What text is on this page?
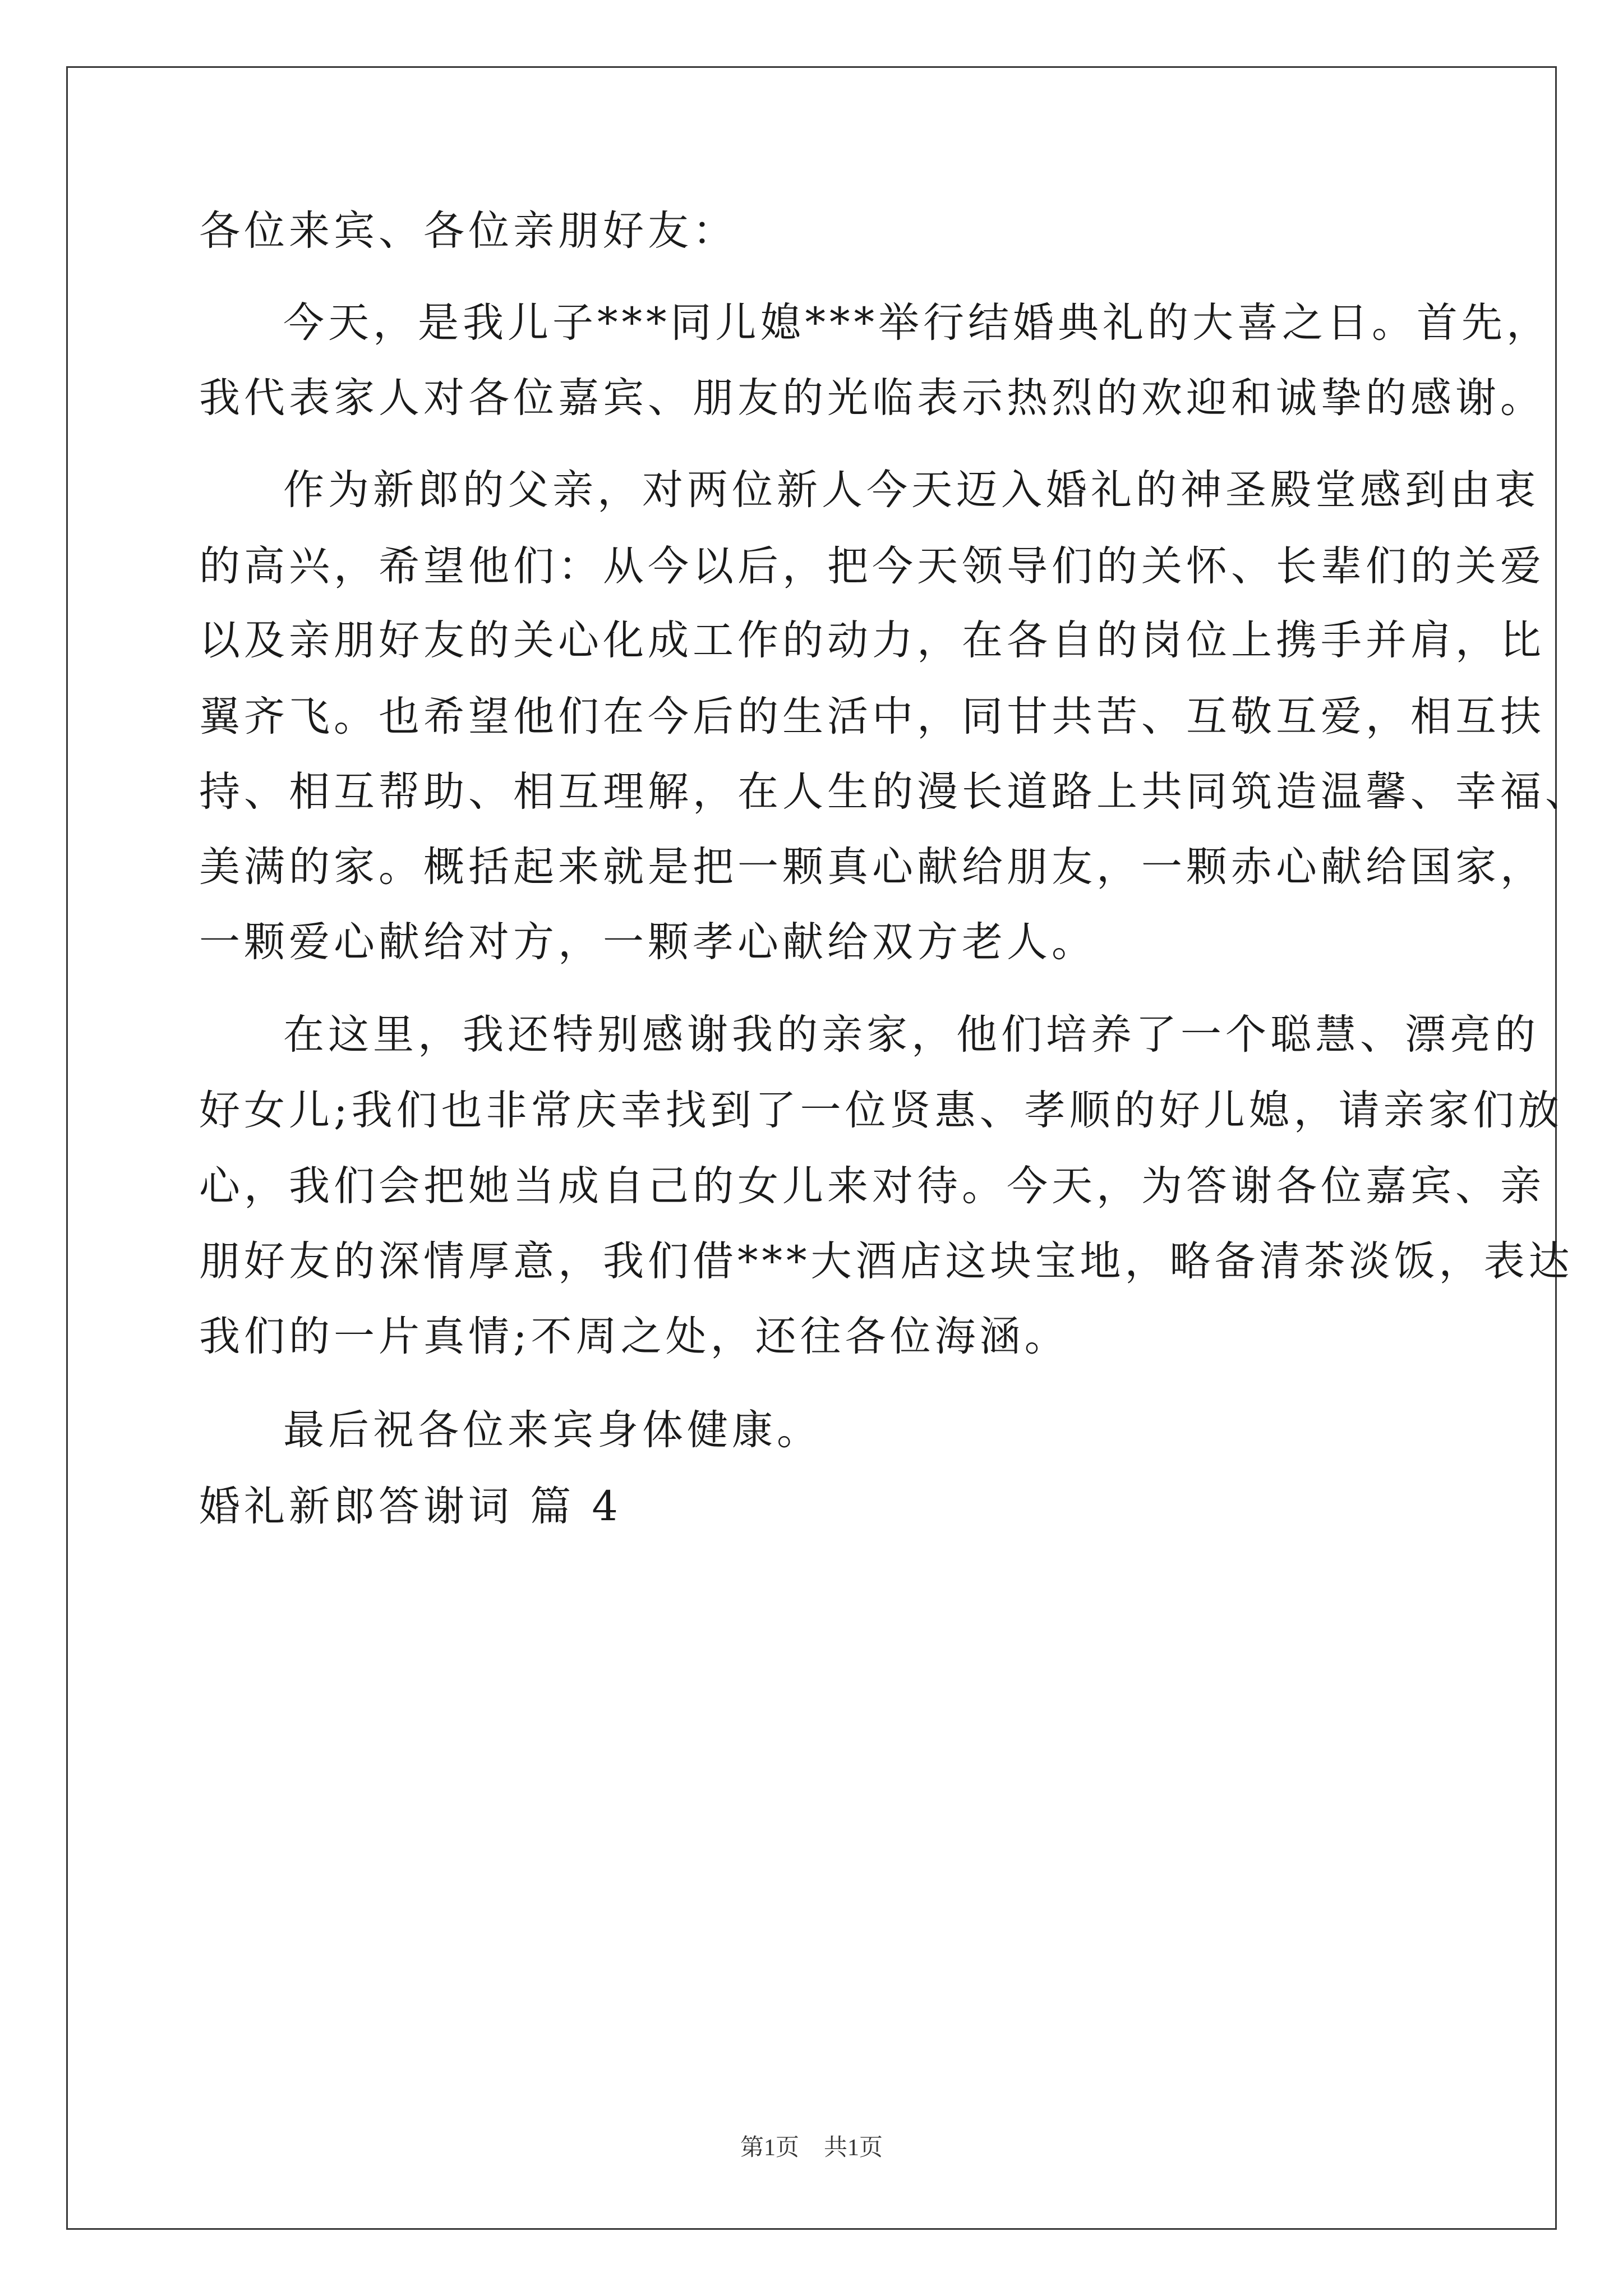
各位来宾、各位亲朋好友：
今天，是我儿子***同儿媳***举行结婚典礼的大喜之日。首先，
我代表家人对各位嘉宾、朋友的光临表示热烈的欢迎和诚挚的感谢。
作为新郎的父亲，对两位新人今天迈入婚礼的神圣殿堂感到由衷
的高兴，希望他们：从今以后，把今天领导们的关怀、长辈们的关爱
以及亲朋好友的关心化成工作的动力，在各自的岗位上携手并肩，比
翼齐飞。也希望他们在今后的生活中，同甘共苦、互敬互爱，相互扶
持、相互帮助、相互理解，在人生的漫长道路上共同筑造温馨、幸福、
美满的家。概括起来就是把一颗真心献给朋友，一颗赤心献给国家，
一颗爱心献给对方，一颗孝心献给双方老人。
在这里，我还特别感谢我的亲家，他们培养了一个聪慧、漂亮的
好女儿;我们也非常庆幸找到了一位贤惠、孝顺的好儿媳，请亲家们放
心，我们会把她当成自己的女儿来对待。今天，为答谢各位嘉宾、亲
朋好友的深情厚意，我们借***大酒店这块宝地，略备清茶淡饭，表达
我们的一片真情;不周之处，还往各位海涵。
最后祝各位来宾身体健康。
婚礼新郎答谢词 篇 4
第1页 共1页
